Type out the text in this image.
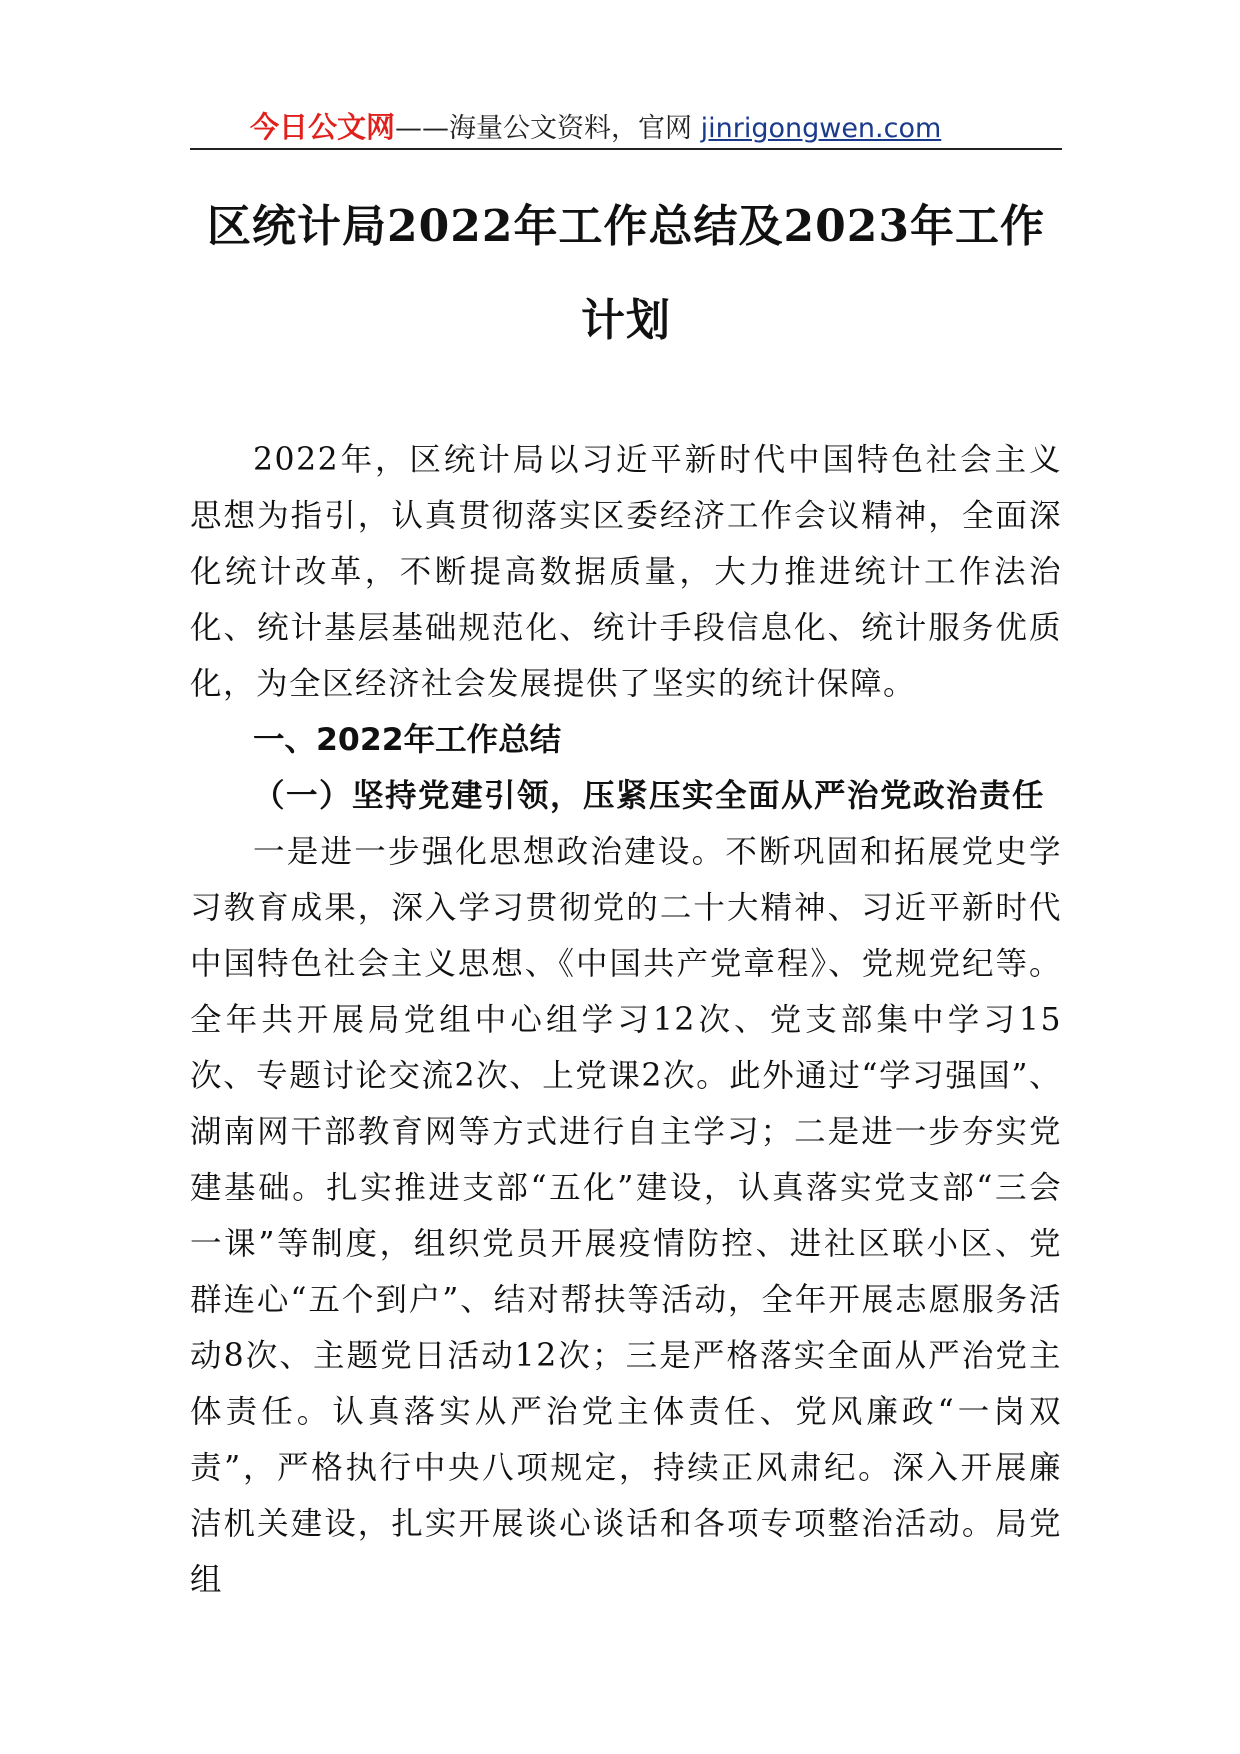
今日公文网——海量公文资料，官网 jinrigongwen.com
区统计局2022年工作总结及2023年工作
计划

2022年，区统计局以习近平新时代中国特色社会主义思想为指引，认真贯彻落实区委经济工作会议精神，全面深化统计改革，不断提高数据质量，大力推进统计工作法治化、统计基层基础规范化、统计手段信息化、统计服务优质化，为全区经济社会发展提供了坚实的统计保障。

一、2022年工作总结
（一）坚持党建引领，压紧压实全面从严治党政治责任

一是进一步强化思想政治建设。不断巩固和拓展党史学习教育成果，深入学习贯彻党的二十大精神、习近平新时代中国特色社会主义思想、《中国共产党章程》、党规党纪等。全年共开展局党组中心组学习12次、党支部集中学习15次、专题讨论交流2次、上党课2次。此外通过“学习强国”、湖南网干部教育网等方式进行自主学习；二是进一步夯实党建基础。扎实推进支部“五化”建设，认真落实党支部“三会一课”等制度，组织党员开展疫情防控、进社区联小区、党群连心“五个到户”、结对帮扶等活动，全年开展志愿服务活动8次、主题党日活动12次；三是严格落实全面从严治党主体责任。认真落实从严治党主体责任、党风廉政“一岗双责”，严格执行中央八项规定，持续正风肃纪。深入开展廉洁机关建设，扎实开展谈心谈话和各项专项整治活动。局党组
